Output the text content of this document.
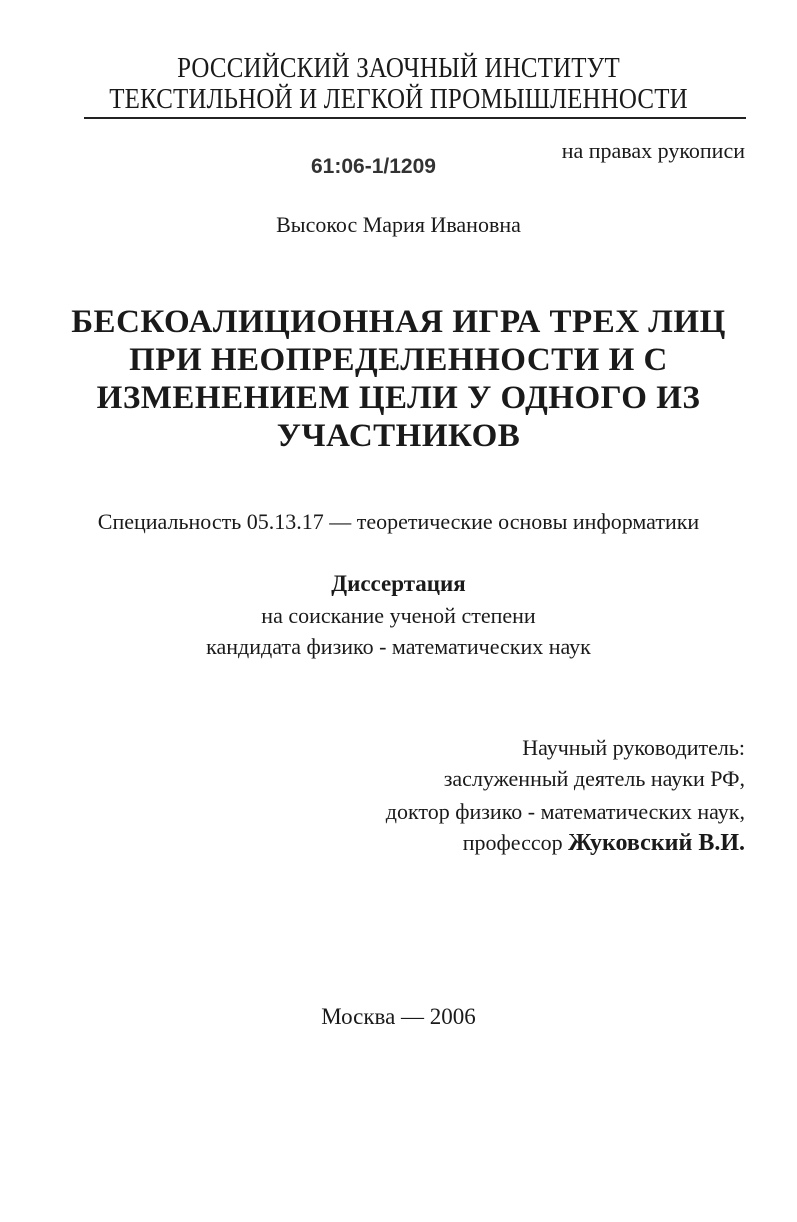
РОССИЙСКИЙ ЗАОЧНЫЙ ИНСТИТУТ
ТЕКСТИЛЬНОЙ И ЛЕГКОЙ ПРОМЫШЛЕННОСТИ
на правах рукописи
61:06-1/1209
Высокос Мария Ивановна
БЕСКОАЛИЦИОННАЯ ИГРА ТРЕХ ЛИЦ
ПРИ НЕОПРЕДЕЛЕННОСТИ И С
ИЗМЕНЕНИЕМ ЦЕЛИ У ОДНОГО ИЗ
УЧАСТНИКОВ
Специальность 05.13.17 — теоретические основы информатики
Диссертация
на соискание ученой степени
кандидата физико - математических наук
Научный руководитель:
заслуженный деятель науки РФ,
доктор физико - математических наук,
профессор Жуковский В.И.
Москва — 2006
